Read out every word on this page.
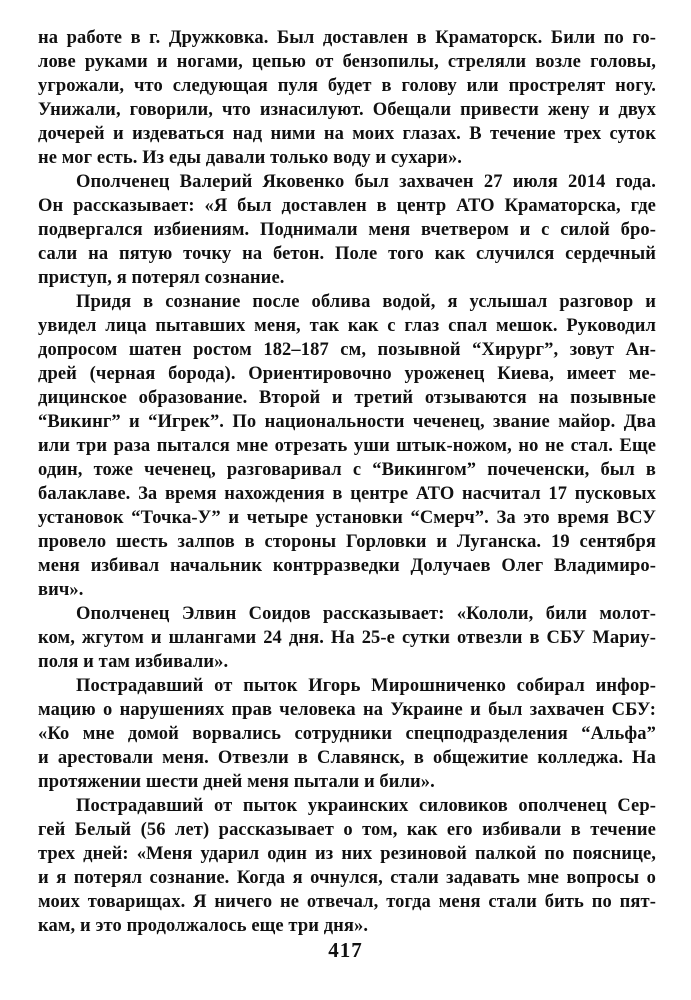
на работе в г. Дружковка. Был доставлен в Краматорск. Били по го-
лове руками и ногами, цепью от бензопилы, стреляли возле головы,
угрожали, что следующая пуля будет в голову или прострелят ногу.
Унижали, говорили, что изнасилуют. Обещали привести жену и двух
дочерей и издеваться над ними на моих глазах. В течение трех суток
не мог есть. Из еды давали только воду и сухари».
Ополченец Валерий Яковенко был захвачен 27 июля 2014 года.
Он рассказывает: «Я был доставлен в центр АТО Краматорска, где
подвергался избиениям. Поднимали меня вчетвером и с силой бро-
сали на пятую точку на бетон. Поле того как случился сердечный
приступ, я потерял сознание.
Придя в сознание после облива водой, я услышал разговор и
увидел лица пытавших меня, так как с глаз спал мешок. Руководил
допросом шатен ростом 182–187 см, позывной “Хирург”, зовут Ан-
дрей (черная борода). Ориентировочно уроженец Киева, имеет ме-
дицинское образование. Второй и третий отзываются на позывные
“Викинг” и “Игрек”. По национальности чеченец, звание майор. Два
или три раза пытался мне отрезать уши штык-ножом, но не стал. Еще
один, тоже чеченец, разговаривал с “Викингом” почеченски, был в
балаклаве. За время нахождения в центре АТО насчитал 17 пусковых
установок “Точка-У” и четыре установки “Смерч”. За это время ВСУ
провело шесть залпов в стороны Горловки и Луганска. 19 сентября
меня избивал начальник контрразведки Долучаев Олег Владимиро-
вич».
Ополченец Элвин Соидов рассказывает: «Кололи, били молот-
ком, жгутом и шлангами 24 дня. На 25-е сутки отвезли в СБУ Мариу-
поля и там избивали».
Пострадавший от пыток Игорь Мирошниченко собирал инфор-
мацию о нарушениях прав человека на Украине и был захвачен СБУ:
«Ко мне домой ворвались сотрудники спецподразделения “Альфа”
и арестовали меня. Отвезли в Славянск, в общежитие колледжа. На
протяжении шести дней меня пытали и били».
Пострадавший от пыток украинских силовиков ополченец Сер-
гей Белый (56 лет) рассказывает о том, как его избивали в течение
трех дней: «Меня ударил один из них резиновой палкой по пояснице,
и я потерял сознание. Когда я очнулся, стали задавать мне вопросы о
моих товарищах. Я ничего не отвечал, тогда меня стали бить по пят-
кам, и это продолжалось еще три дня».
417
